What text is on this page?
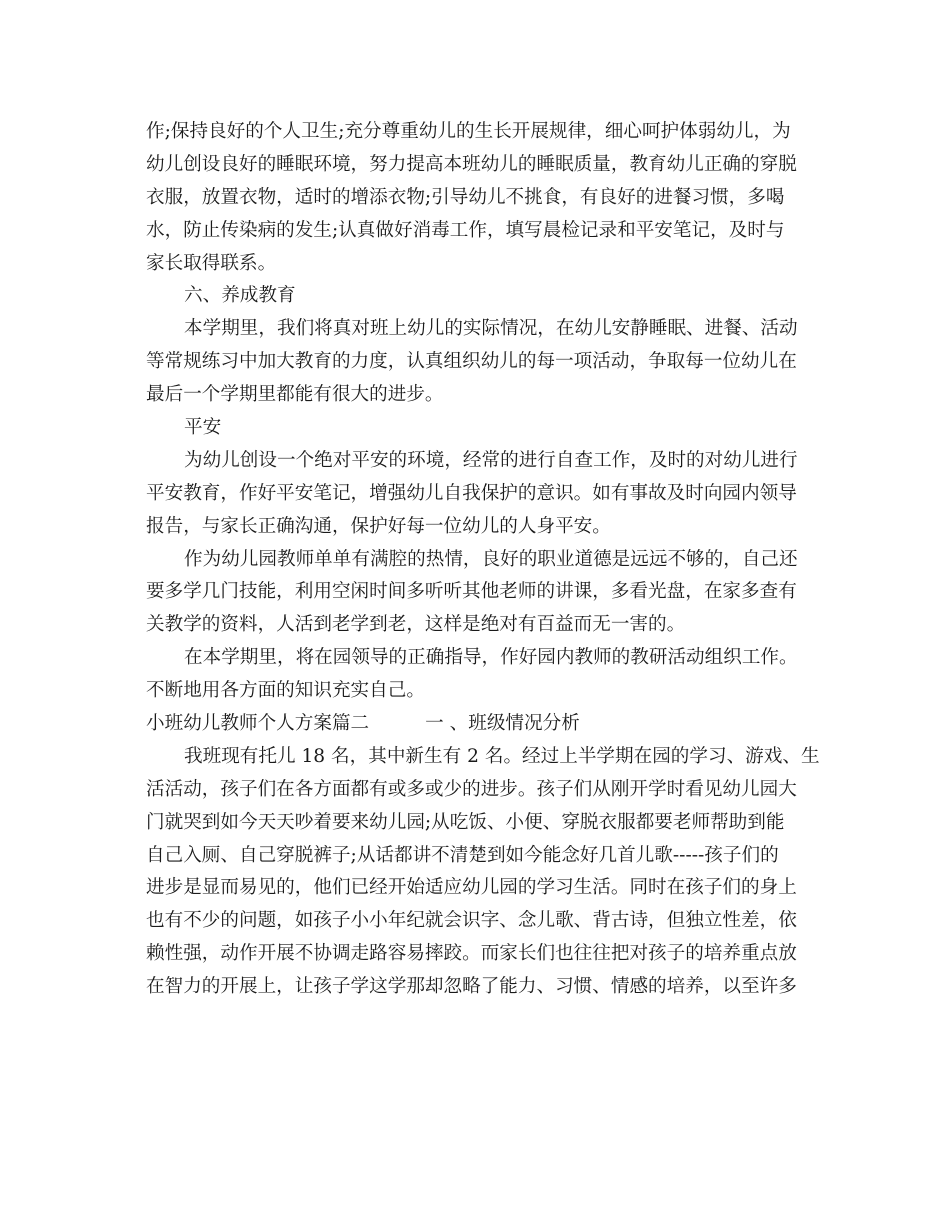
作;保持良好的个人卫生;充分尊重幼儿的生长开展规律，细心呵护体弱幼儿，为
幼儿创设良好的睡眠环境，努力提高本班幼儿的睡眠质量，教育幼儿正确的穿脱
衣服，放置衣物，适时的增添衣物;引导幼儿不挑食，有良好的进餐习惯，多喝
水，防止传染病的发生;认真做好消毒工作，填写晨检记录和平安笔记，及时与
家长取得联系。
六、养成教育
本学期里，我们将真对班上幼儿的实际情况，在幼儿安静睡眠、进餐、活动
等常规练习中加大教育的力度，认真组织幼儿的每一项活动，争取每一位幼儿在
最后一个学期里都能有很大的进步。
平安
为幼儿创设一个绝对平安的环境，经常的进行自查工作，及时的对幼儿进行
平安教育，作好平安笔记，增强幼儿自我保护的意识。如有事故及时向园内领导
报告，与家长正确沟通，保护好每一位幼儿的人身平安。
作为幼儿园教师单单有满腔的热情，良好的职业道德是远远不够的，自己还
要多学几门技能，利用空闲时间多听听其他老师的讲课，多看光盘，在家多查有
关教学的资料，人活到老学到老，这样是绝对有百益而无一害的。
在本学期里，将在园领导的正确指导，作好园内教师的教研活动组织工作。
不断地用各方面的知识充实自己。
小班幼儿教师个人方案篇二	一 、班级情况分析
我班现有托儿 18 名，其中新生有 2 名。经过上半学期在园的学习、游戏、生
活活动，孩子们在各方面都有或多或少的进步。孩子们从刚开学时看见幼儿园大
门就哭到如今天天吵着要来幼儿园;从吃饭、小便、穿脱衣服都要老师帮助到能
自己入厕、自己穿脱裤子;从话都讲不清楚到如今能念好几首儿歌-----孩子们的
进步是显而易见的，他们已经开始适应幼儿园的学习生活。同时在孩子们的身上
也有不少的问题，如孩子小小年纪就会识字、念儿歌、背古诗，但独立性差，依
赖性强，动作开展不协调走路容易摔跤。而家长们也往往把对孩子的培养重点放
在智力的开展上，让孩子学这学那却忽略了能力、习惯、情感的培养，以至许多
